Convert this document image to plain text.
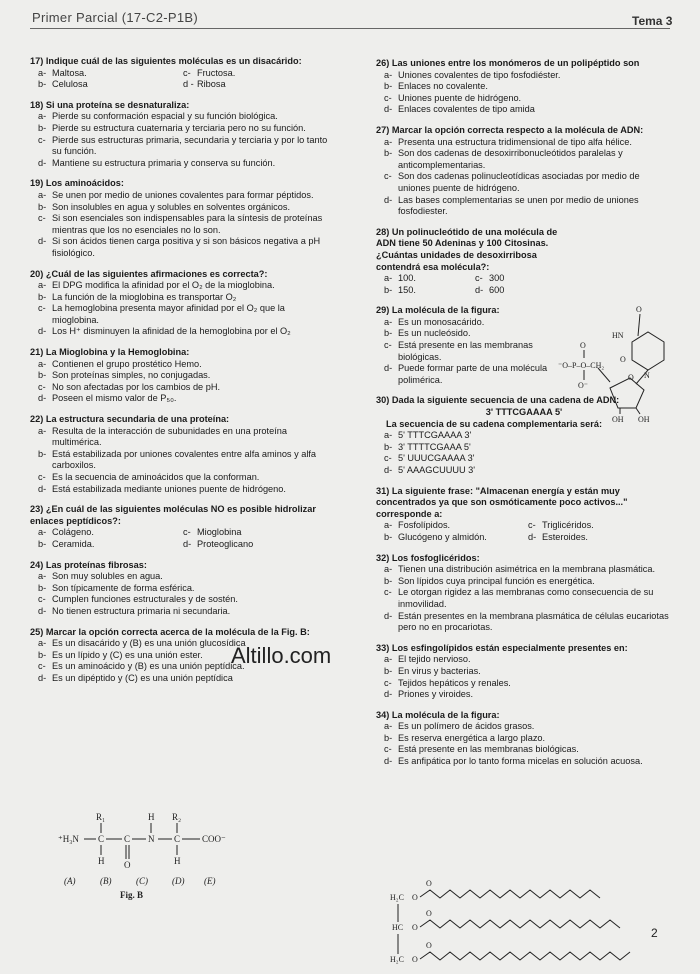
Primer Parcial (17-C2-P1B)	Tema 3
17) Indique cuál de las siguientes moléculas es un disacárido:
a- Maltosa.	c- Fructosa.
b- Celulosa	d - Ribosa
18) Si una proteína se desnaturaliza:
a- Pierde su conformación espacial y su función biológica.
b- Pierde su estructura cuaternaria y terciaria pero no su función.
c- Pierde sus estructuras primaria, secundaria y terciaria y por lo tanto su función.
d- Mantiene su estructura primaria y conserva su función.
19) Los aminoácidos:
a- Se unen por medio de uniones covalentes para formar péptidos.
b- Son insolubles en agua y solubles en solventes orgánicos.
c- Si son esenciales son indispensables para la síntesis de proteínas mientras que los no esenciales no lo son.
d- Si son ácidos tienen carga positiva y si son básicos negativa a pH fisiológico.
20) ¿Cuál de las siguientes afirmaciones es correcta?:
a- El DPG modifica la afinidad por el O₂ de la mioglobina.
b- La función de la mioglobina es transportar O₂
c- La hemoglobina presenta mayor afinidad por el O₂ que la mioglobina.
d- Los H⁺ disminuyen la afinidad de la hemoglobina por el O₂
21) La Mioglobina y la Hemoglobina:
a- Contienen el grupo prostético Hemo.
b- Son proteínas simples, no conjugadas.
c- No son afectadas por los cambios de pH.
d- Poseen el mismo valor de P₅₀.
22) La estructura secundaria de una proteína:
a- Resulta de la interacción de subunidades en una proteína multimérica.
b- Está estabilizada por uniones covalentes entre alfa aminos y alfa carboxilos.
c- Es la secuencia de aminoácidos que la conforman.
d- Está estabilizada mediante uniones puente de hidrógeno.
23) ¿En cuál de las siguientes moléculas NO es posible hidrolizar enlaces peptídicos?:
a- Colágeno.	c- Mioglobina
b- Ceramida.	d- Proteoglicano
24) Las proteínas fibrosas:
a- Son muy solubles en agua.
b- Son típicamente de forma esférica.
c- Cumplen funciones estructurales y de sostén.
d- No tienen estructura primaria ni secundaria.
25) Marcar la opción correcta acerca de la molécula de la Fig. B:
a- Es un disacárido y (B) es una unión glucosídica
b- Es un lípido y (C) es una unión ester.
c- Es un aminoácido y (B) es una unión peptídica.
d- Es un dipéptido y (C) es una unión peptídica
26) Las uniones entre los monómeros de un polipéptido son
a- Uniones covalentes de tipo fosfodiéster.
b- Enlaces no covalente.
c- Uniones puente de hidrógeno.
d- Enlaces covalentes de tipo amida
27) Marcar la opción correcta respecto a la molécula de ADN:
a- Presenta una estructura tridimensional de tipo alfa hélice.
b- Son dos cadenas de desoxirribonucleótidos paralelas y anticomplementarias.
c- Son dos cadenas polinucleotídicas asociadas por medio de uniones puente de hidrógeno.
d- Las bases complementarias se unen por medio de uniones fosfodiester.
28) Un polinucleótido de una molécula de ADN tiene 50 Adeninas y 100 Citosinas. ¿Cuántas unidades de desoxirribosa contendrá esa molécula?:
a- 100.	c- 300
b- 150.	d- 600
29) La molécula de la figura:
a- Es un monosacárido.
b- Es un nucleósido.
c- Está presente en las membranas biológicas.
d- Puede formar parte de una molécula polimérica.
30) Dada la siguiente secuencia de una cadena de ADN:
3' TTTCGAAAA 5'
La secuencia de su cadena complementaria será:
a- 5' TTTCGAAAA 3'
b- 3' TTTTCGAAA 5'
c- 5' UUUCGAAAA 3'
d- 5' AAAGCUUUU 3'
31) La siguiente frase: "Almacenan energía y están muy concentrados ya que son osmóticamente poco activos..." corresponde a:
a- Fosfolípidos.	c- Triglicéridos.
b- Glucógeno y almidón.	d- Esteroides.
32) Los fosfoglicéridos:
a- Tienen una distribución asimétrica en la membrana plasmática.
b- Son lípidos cuya principal función es energética.
c- Le otorgan rigidez a las membranas como consecuencia de su inmovilidad.
d- Están presentes en la membrana plasmática de células eucariotas pero no en procariotas.
33) Los esfingolípidos están especialmente presentes en:
a- El tejido nervioso.
b- En virus y bacterias.
c- Tejidos hepáticos y renales.
d- Priones y viroides.
34) La molécula de la figura:
a- Es un polímero de ácidos grasos.
b- Es reserva energética a largo plazo.
c- Está presente en las membranas biológicas.
d- Es anfipática por lo tanto forma micelas en solución acuosa.
⁺H₃N
R₁
C
H
C
O
H
N
R₂
C
H
COO⁻
(A)	(B)	(C)	(D) (E)
Fig. B
O
⁻O–P–O–CH₂
O⁻
O
HN
O
N
O
OH OH
H₂C
HC
H₂C
O
O
O
O
O
O
Altillo.com
2
